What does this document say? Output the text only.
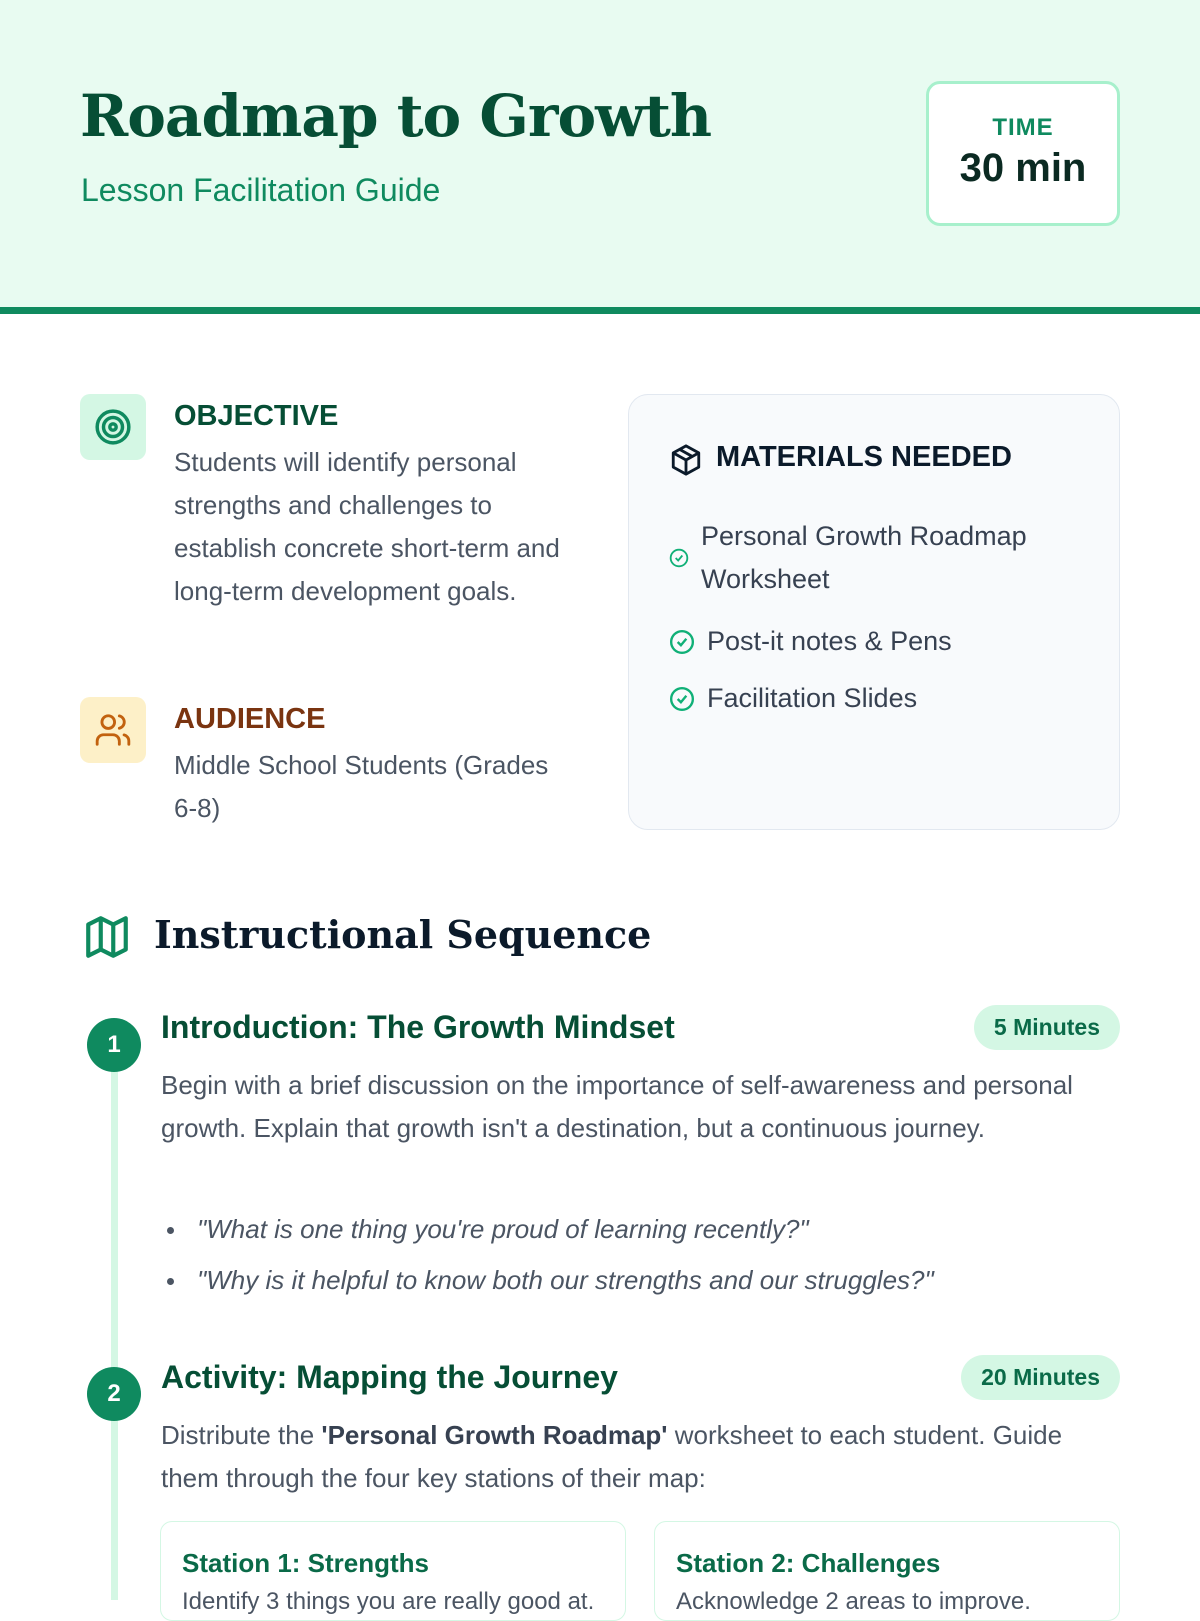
Roadmap to Growth
Lesson Facilitation Guide
TIME
30 min
OBJECTIVE
Students will identify personal strengths and challenges to establish concrete short-term and long-term development goals.
AUDIENCE
Middle School Students (Grades 6-8)
MATERIALS NEEDED
Personal Growth Roadmap Worksheet
Post-it notes & Pens
Facilitation Slides
Instructional Sequence
1	Introduction: The Growth Mindset	5 Minutes
Begin with a brief discussion on the importance of self-awareness and personal growth. Explain that growth isn't a destination, but a continuous journey.
"What is one thing you're proud of learning recently?"
"Why is it helpful to know both our strengths and our struggles?"
2	Activity: Mapping the Journey	20 Minutes
Distribute the 'Personal Growth Roadmap' worksheet to each student. Guide them through the four key stations of their map:
Station 1: Strengths
Identify 3 things you are really good at.
Station 2: Challenges
Acknowledge 2 areas to improve.
